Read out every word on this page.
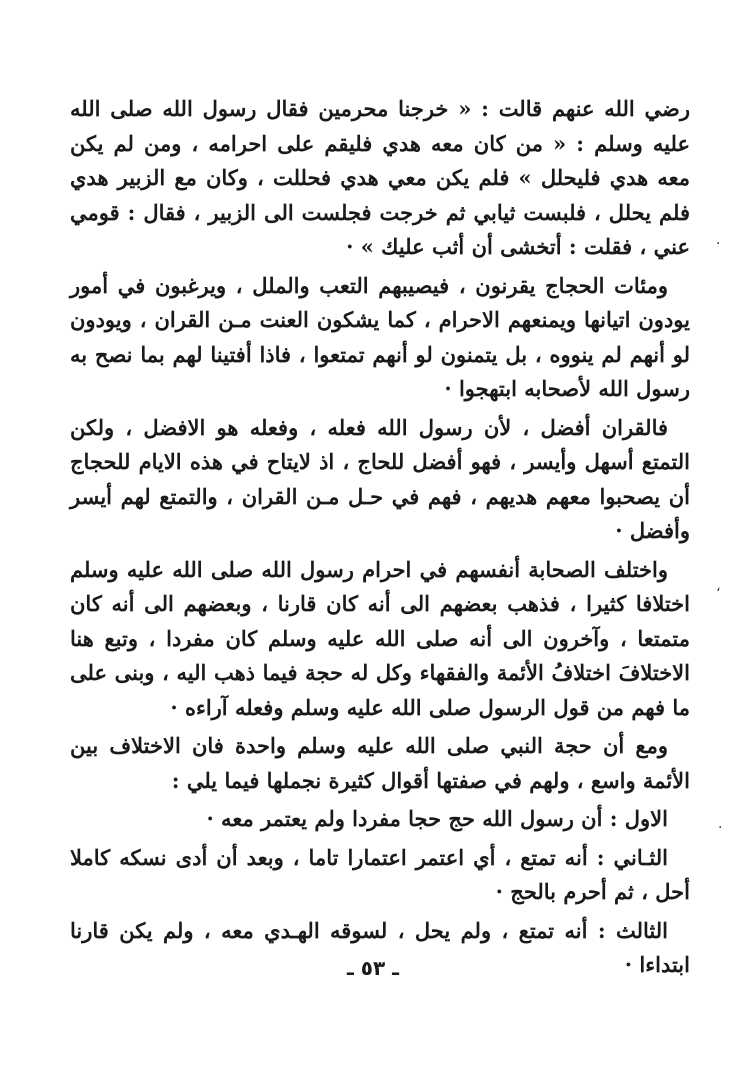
رضي الله عنهم قالت : « خرجنا محرمين فقال رسول الله صلى الله عليه وسلم : « من كان معه هدي فليقم على احرامه ، ومن لم يكن معه هدي فليحلل » فلم يكن معي هدي فحللت ، وكان مع الزبير هدي فلم يحلل ، فلبست ثيابي ثم خرجت فجلست الى الزبير ، فقال : قومي عني ، فقلت : أتخشى أن أثب عليك » ·

ومئات الحجاج يقرنون ، فيصيبهم التعب والملل ، ويرغبون في أمور يودون اتيانها ويمنعهم الاحرام ، كما يشكون العنت مـن القران ، ويودون لو أنهم لم ينووه ، بل يتمنون لو أنهم تمتعوا ، فاذا أفتينا لهم بما نصح به رسول الله لأصحابه ابتهجوا ·

فالقران أفضل ، لأن رسول الله فعله ، وفعله هو الافضل ، ولكن التمتع أسهل وأيسر ، فهو أفضل للحاج ، اذ لايتاح في هذه الايام للحجاج أن يصحبوا معهم هديهم ، فهم في حـل مـن القران ، والتمتع لهم أيسر وأفضل ·

واختلف الصحابة أنفسهم في احرام رسول الله صلى الله عليه وسلم اختلافا كثيرا ، فذهب بعضهم الى أنه كان قارنا ، وبعضهم الى أنه كان متمتعا ، وآخرون الى أنه صلى الله عليه وسلم كان مفردا ، وتبع هنا الاختلافَ اختلافُ الأئمة والفقهاء وكل له حجة فيما ذهب اليه ، وبنى على ما فهم من قول الرسول صلى الله عليه وسلم وفعله آراءه ·

ومع أن حجة النبي صلى الله عليه وسلم واحدة فان الاختلاف بين الأئمة واسع ، ولهم في صفتها أقوال كثيرة نجملها فيما يلي :

الاول : أن رسول الله حج حجا مفردا ولم يعتمر معه ·

الثـاني : أنه تمتع ، أي اعتمر اعتمارا تاما ، وبعد أن أدى نسكه كاملا أحل ، ثم أحرم بالحج ·

الثالث : أنه تمتع ، ولم يحل ، لسوقه الهـدي معه ، ولم يكن قارنا ابتداءا ·

.
،
.
ـ ٥٣ ـ
